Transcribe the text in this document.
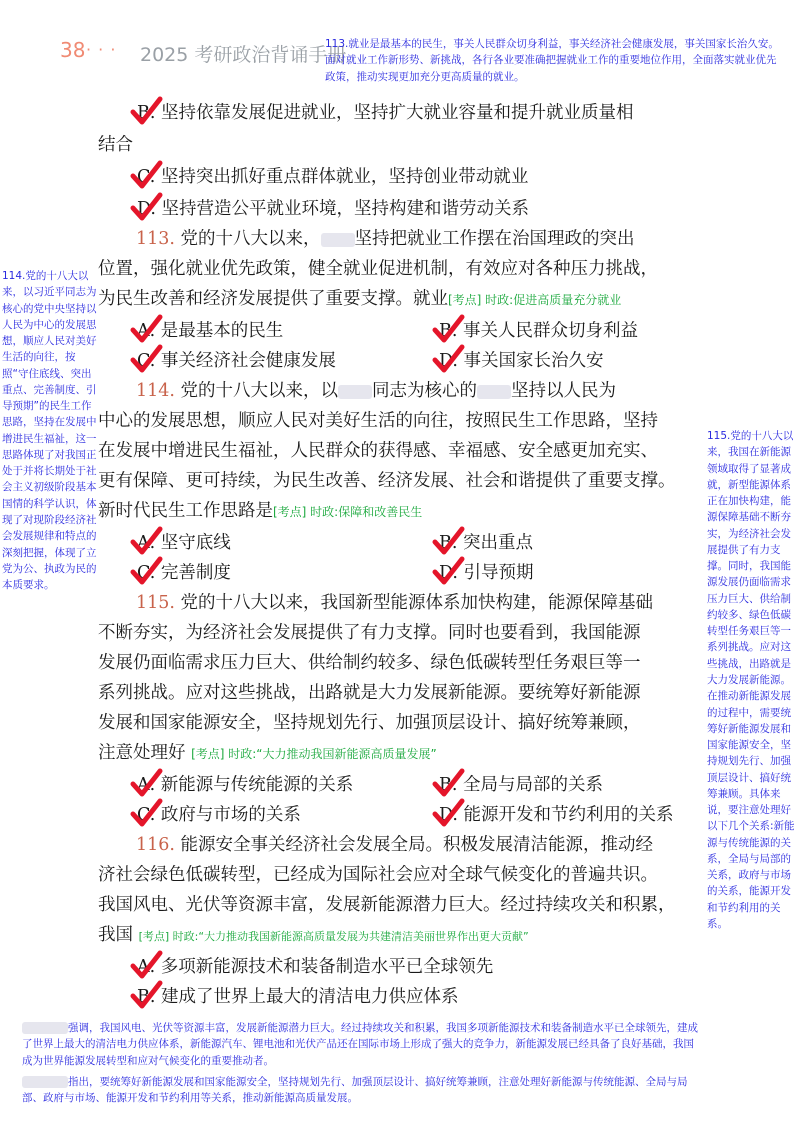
38 · · · 2025 考研政治背诵手册
113.就业是最基本的民生，事关人民群众切身利益，事关经济社会健康发展，事关国家长治久安。面对就业工作新形势、新挑战，各行各业要准确把握就业工作的重要地位作用，全面落实就业优先政策，推动实现更加充分更高质量的就业。
114.党的十八大以来，以习近平同志为核心的党中央坚持以人民为中心的发展思想，顺应人民对美好生活的向往，按照“守住底线、突出重点、完善制度、引导预期”的民生工作思路，坚持在发展中增进民生福祉，这一思路体现了对我国正处于并将长期处于社会主义初级阶段基本国情的科学认识，体现了对现阶段经济社会发展规律和特点的深刻把握，体现了立党为公、执政为民的本质要求。
115.党的十八大以来，我国在新能源领域取得了显著成就，新型能源体系正在加快构建，能源保障基础不断夯实，为经济社会发展提供了有力支撑。同时，我国能源发展仍面临需求压力巨大、供给制约较多、绿色低碳转型任务艰巨等一系列挑战。应对这些挑战，出路就是大力发展新能源。在推动新能源发展的过程中，需要统筹好新能源发展和国家能源安全，坚持规划先行、加强顶层设计、搞好统筹兼顾。具体来说，要注意处理好以下几个关系:新能源与传统能源的关系，全局与局部的关系，政府与市场的关系，能源开发和节约利用的关系。
B. 坚持依靠发展促进就业，坚持扩大就业容量和提升就业质量相
结合
C. 坚持突出抓好重点群体就业，坚持创业带动就业
D. 坚持营造公平就业环境，坚持构建和谐劳动关系
113. 党的十八大以来， 坚持把就业工作摆在治国理政的突出
位置，强化就业优先政策，健全就业促进机制，有效应对各种压力挑战，
为民生改善和经济发展提供了重要支撑。就业[考点] 时政:促进高质量充分就业
A. 是最基本的民生	B. 事关人民群众切身利益
C. 事关经济社会健康发展	D. 事关国家长治久安
114. 党的十八大以来，以 同志为核心的 坚持以人民为
中心的发展思想，顺应人民对美好生活的向往，按照民生工作思路，坚持
在发展中增进民生福祉，人民群众的获得感、幸福感、安全感更加充实、
更有保障、更可持续，为民生改善、经济发展、社会和谐提供了重要支撑。
新时代民生工作思路是[考点] 时政:保障和改善民生
A. 坚守底线	B. 突出重点
C. 完善制度	D. 引导预期
115. 党的十八大以来，我国新型能源体系加快构建，能源保障基础
不断夯实，为经济社会发展提供了有力支撑。同时也要看到，我国能源
发展仍面临需求压力巨大、供给制约较多、绿色低碳转型任务艰巨等一
系列挑战。应对这些挑战，出路就是大力发展新能源。要统筹好新能源
发展和国家能源安全，坚持规划先行、加强顶层设计、搞好统筹兼顾，
注意处理好 [考点] 时政:“大力推动我国新能源高质量发展”
A. 新能源与传统能源的关系	B. 全局与局部的关系
C. 政府与市场的关系	D. 能源开发和节约利用的关系
116. 能源安全事关经济社会发展全局。积极发展清洁能源，推动经
济社会绿色低碳转型，已经成为国际社会应对全球气候变化的普遍共识。
我国风电、光伏等资源丰富，发展新能源潜力巨大。经过持续攻关和积累，
我国 [考点] 时政:“大力推动我国新能源高质量发展为共建清洁美丽世界作出更大贡献”
A. 多项新能源技术和装备制造水平已全球领先
B. 建成了世界上最大的清洁电力供应体系
强调，我国风电、光伏等资源丰富，发展新能源潜力巨大。经过持续攻关和积累，我国多项新能源技术和装备制造水平已全球领先，建成了世界上最大的清洁电力供应体系，新能源汽车、锂电池和光伏产品还在国际市场上形成了强大的竞争力，新能源发展已经具备了良好基础，我国成为世界能源发展转型和应对气候变化的重要推动者。
指出，要统筹好新能源发展和国家能源安全，坚持规划先行、加强顶层设计、搞好统筹兼顾，注意处理好新能源与传统能源、全局与局部、政府与市场、能源开发和节约利用等关系，推动新能源高质量发展。
